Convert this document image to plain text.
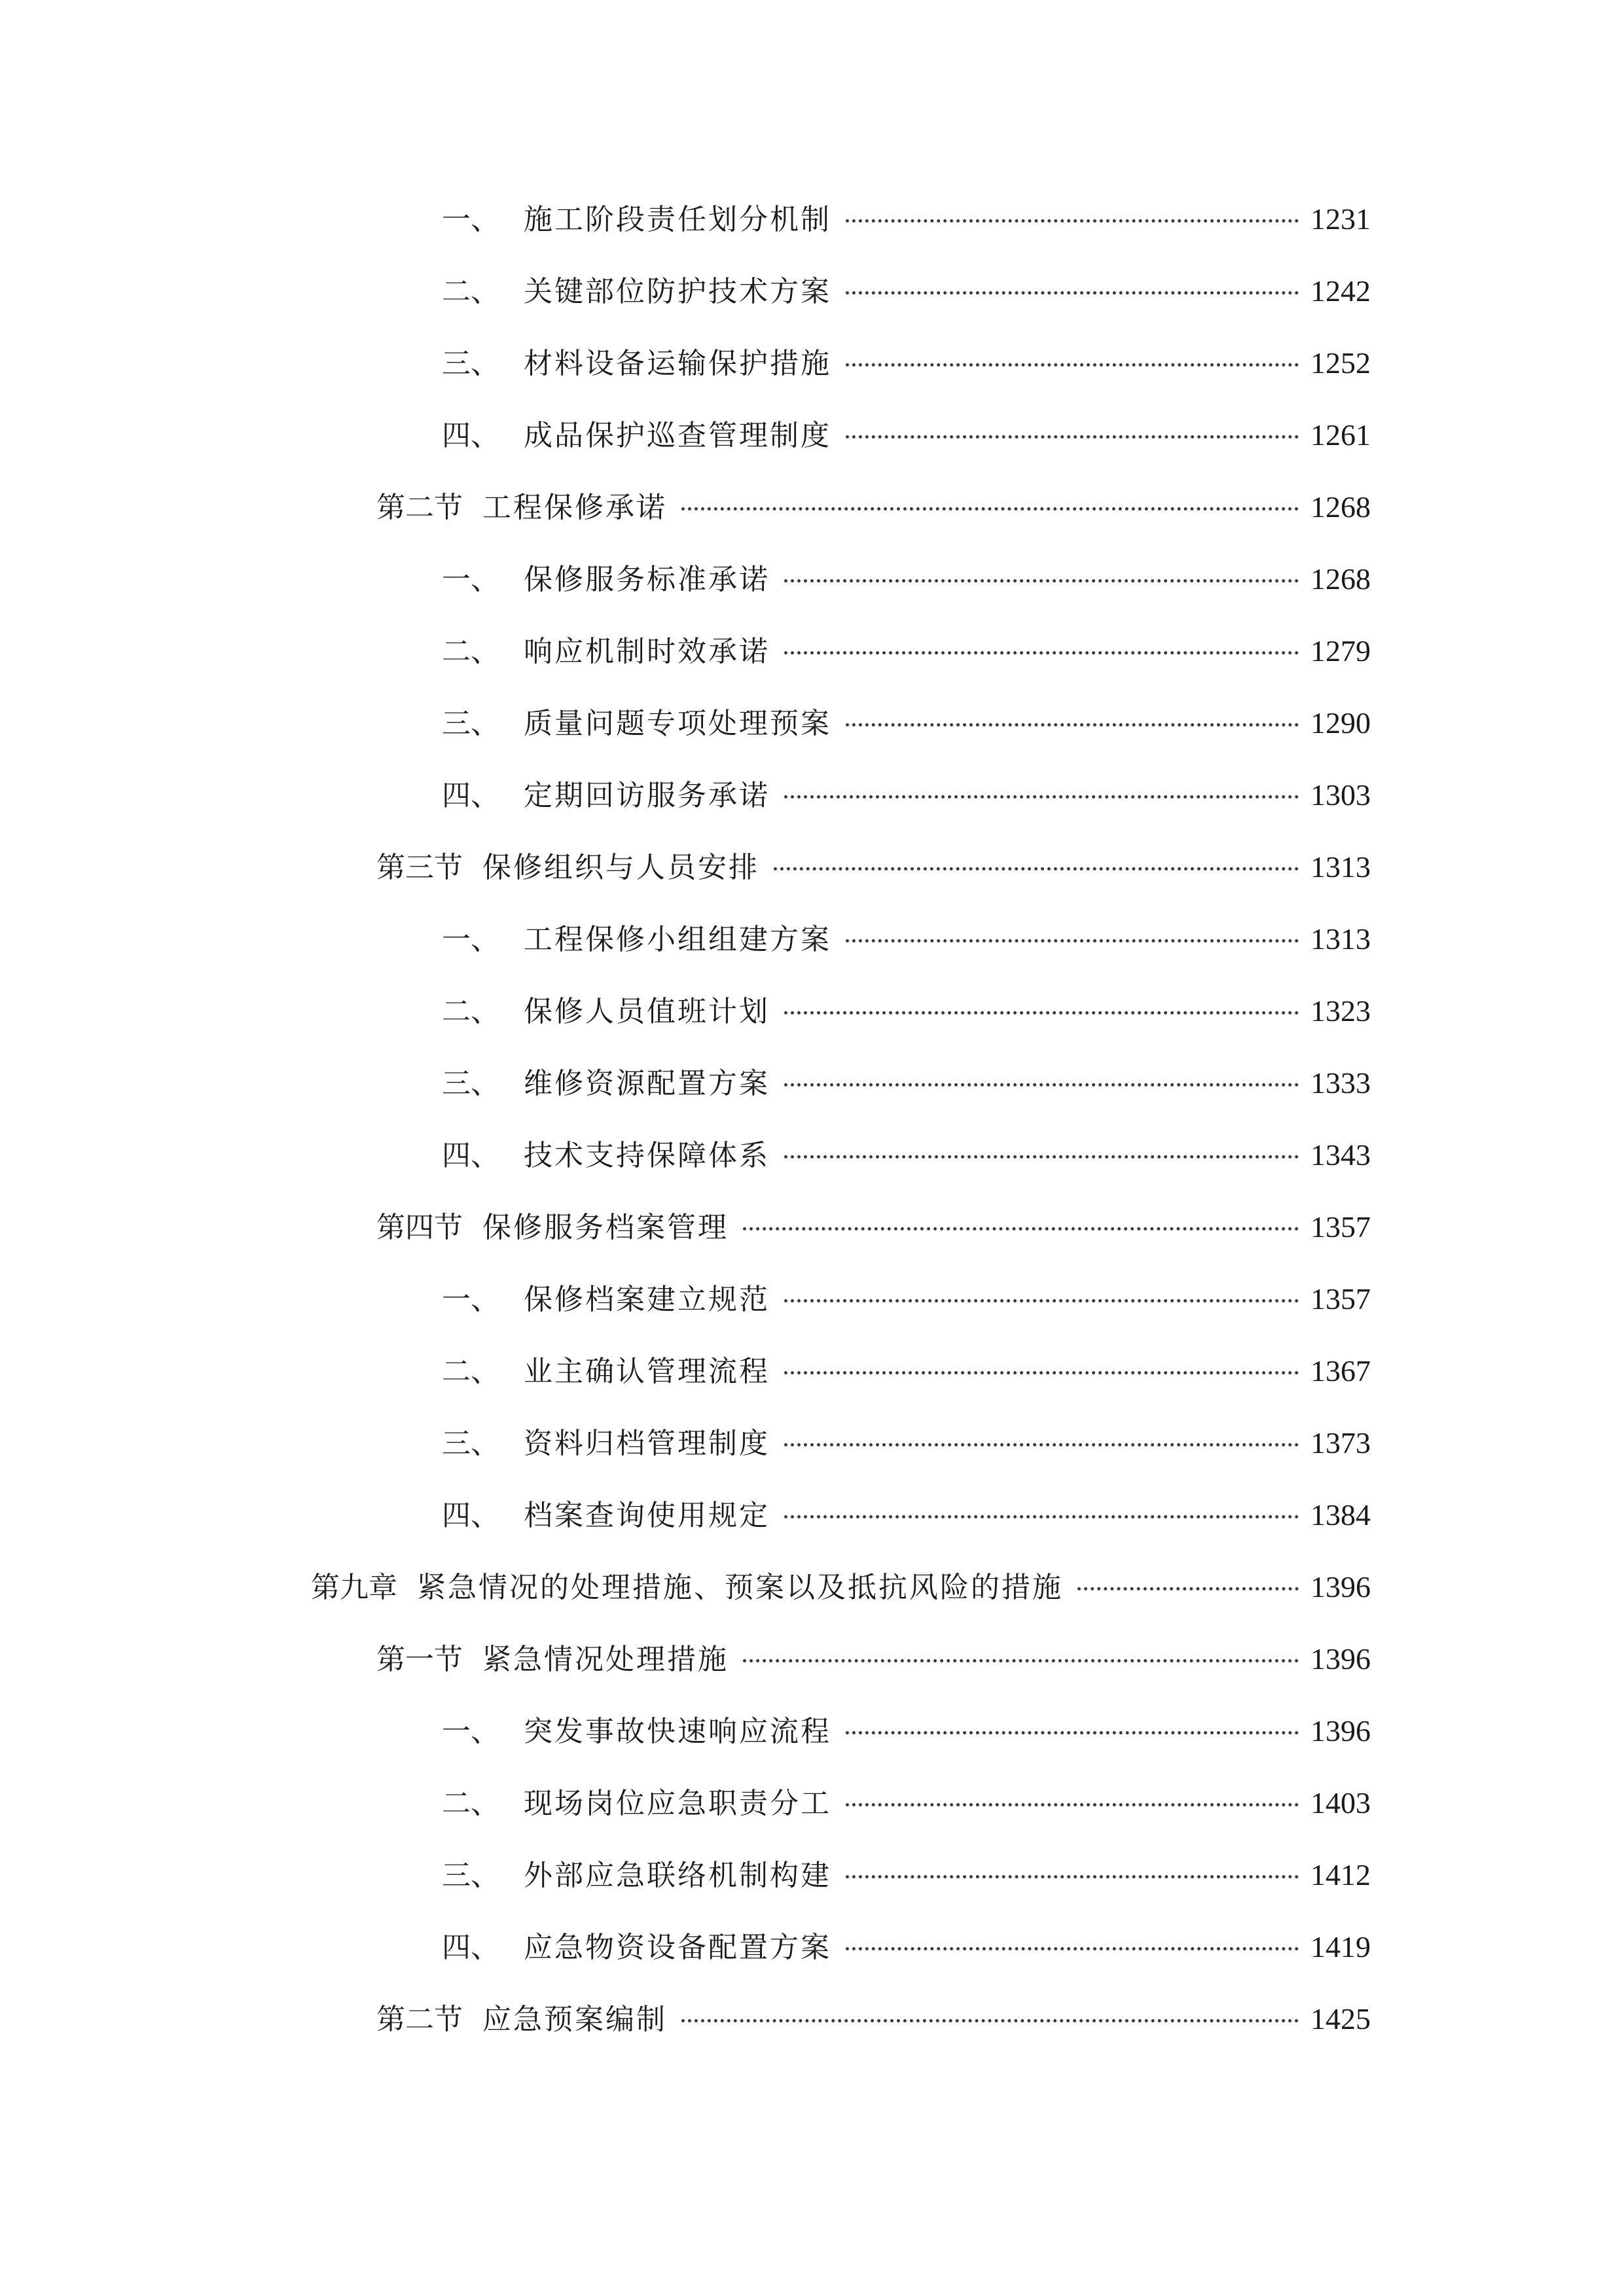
一、 施工阶段责任划分机制	1231
二、 关键部位防护技术方案	1242
三、 材料设备运输保护措施	1252
四、 成品保护巡查管理制度	1261
第二节 工程保修承诺	1268
一、 保修服务标准承诺	1268
二、 响应机制时效承诺	1279
三、 质量问题专项处理预案	1290
四、 定期回访服务承诺	1303
第三节 保修组织与人员安排	1313
一、 工程保修小组组建方案	1313
二、 保修人员值班计划	1323
三、 维修资源配置方案	1333
四、 技术支持保障体系	1343
第四节 保修服务档案管理	1357
一、 保修档案建立规范	1357
二、 业主确认管理流程	1367
三、 资料归档管理制度	1373
四、 档案查询使用规定	1384
第九章 紧急情况的处理措施、预案以及抵抗风险的措施	1396
第一节 紧急情况处理措施	1396
一、 突发事故快速响应流程	1396
二、 现场岗位应急职责分工	1403
三、 外部应急联络机制构建	1412
四、 应急物资设备配置方案	1419
第二节 应急预案编制	1425
